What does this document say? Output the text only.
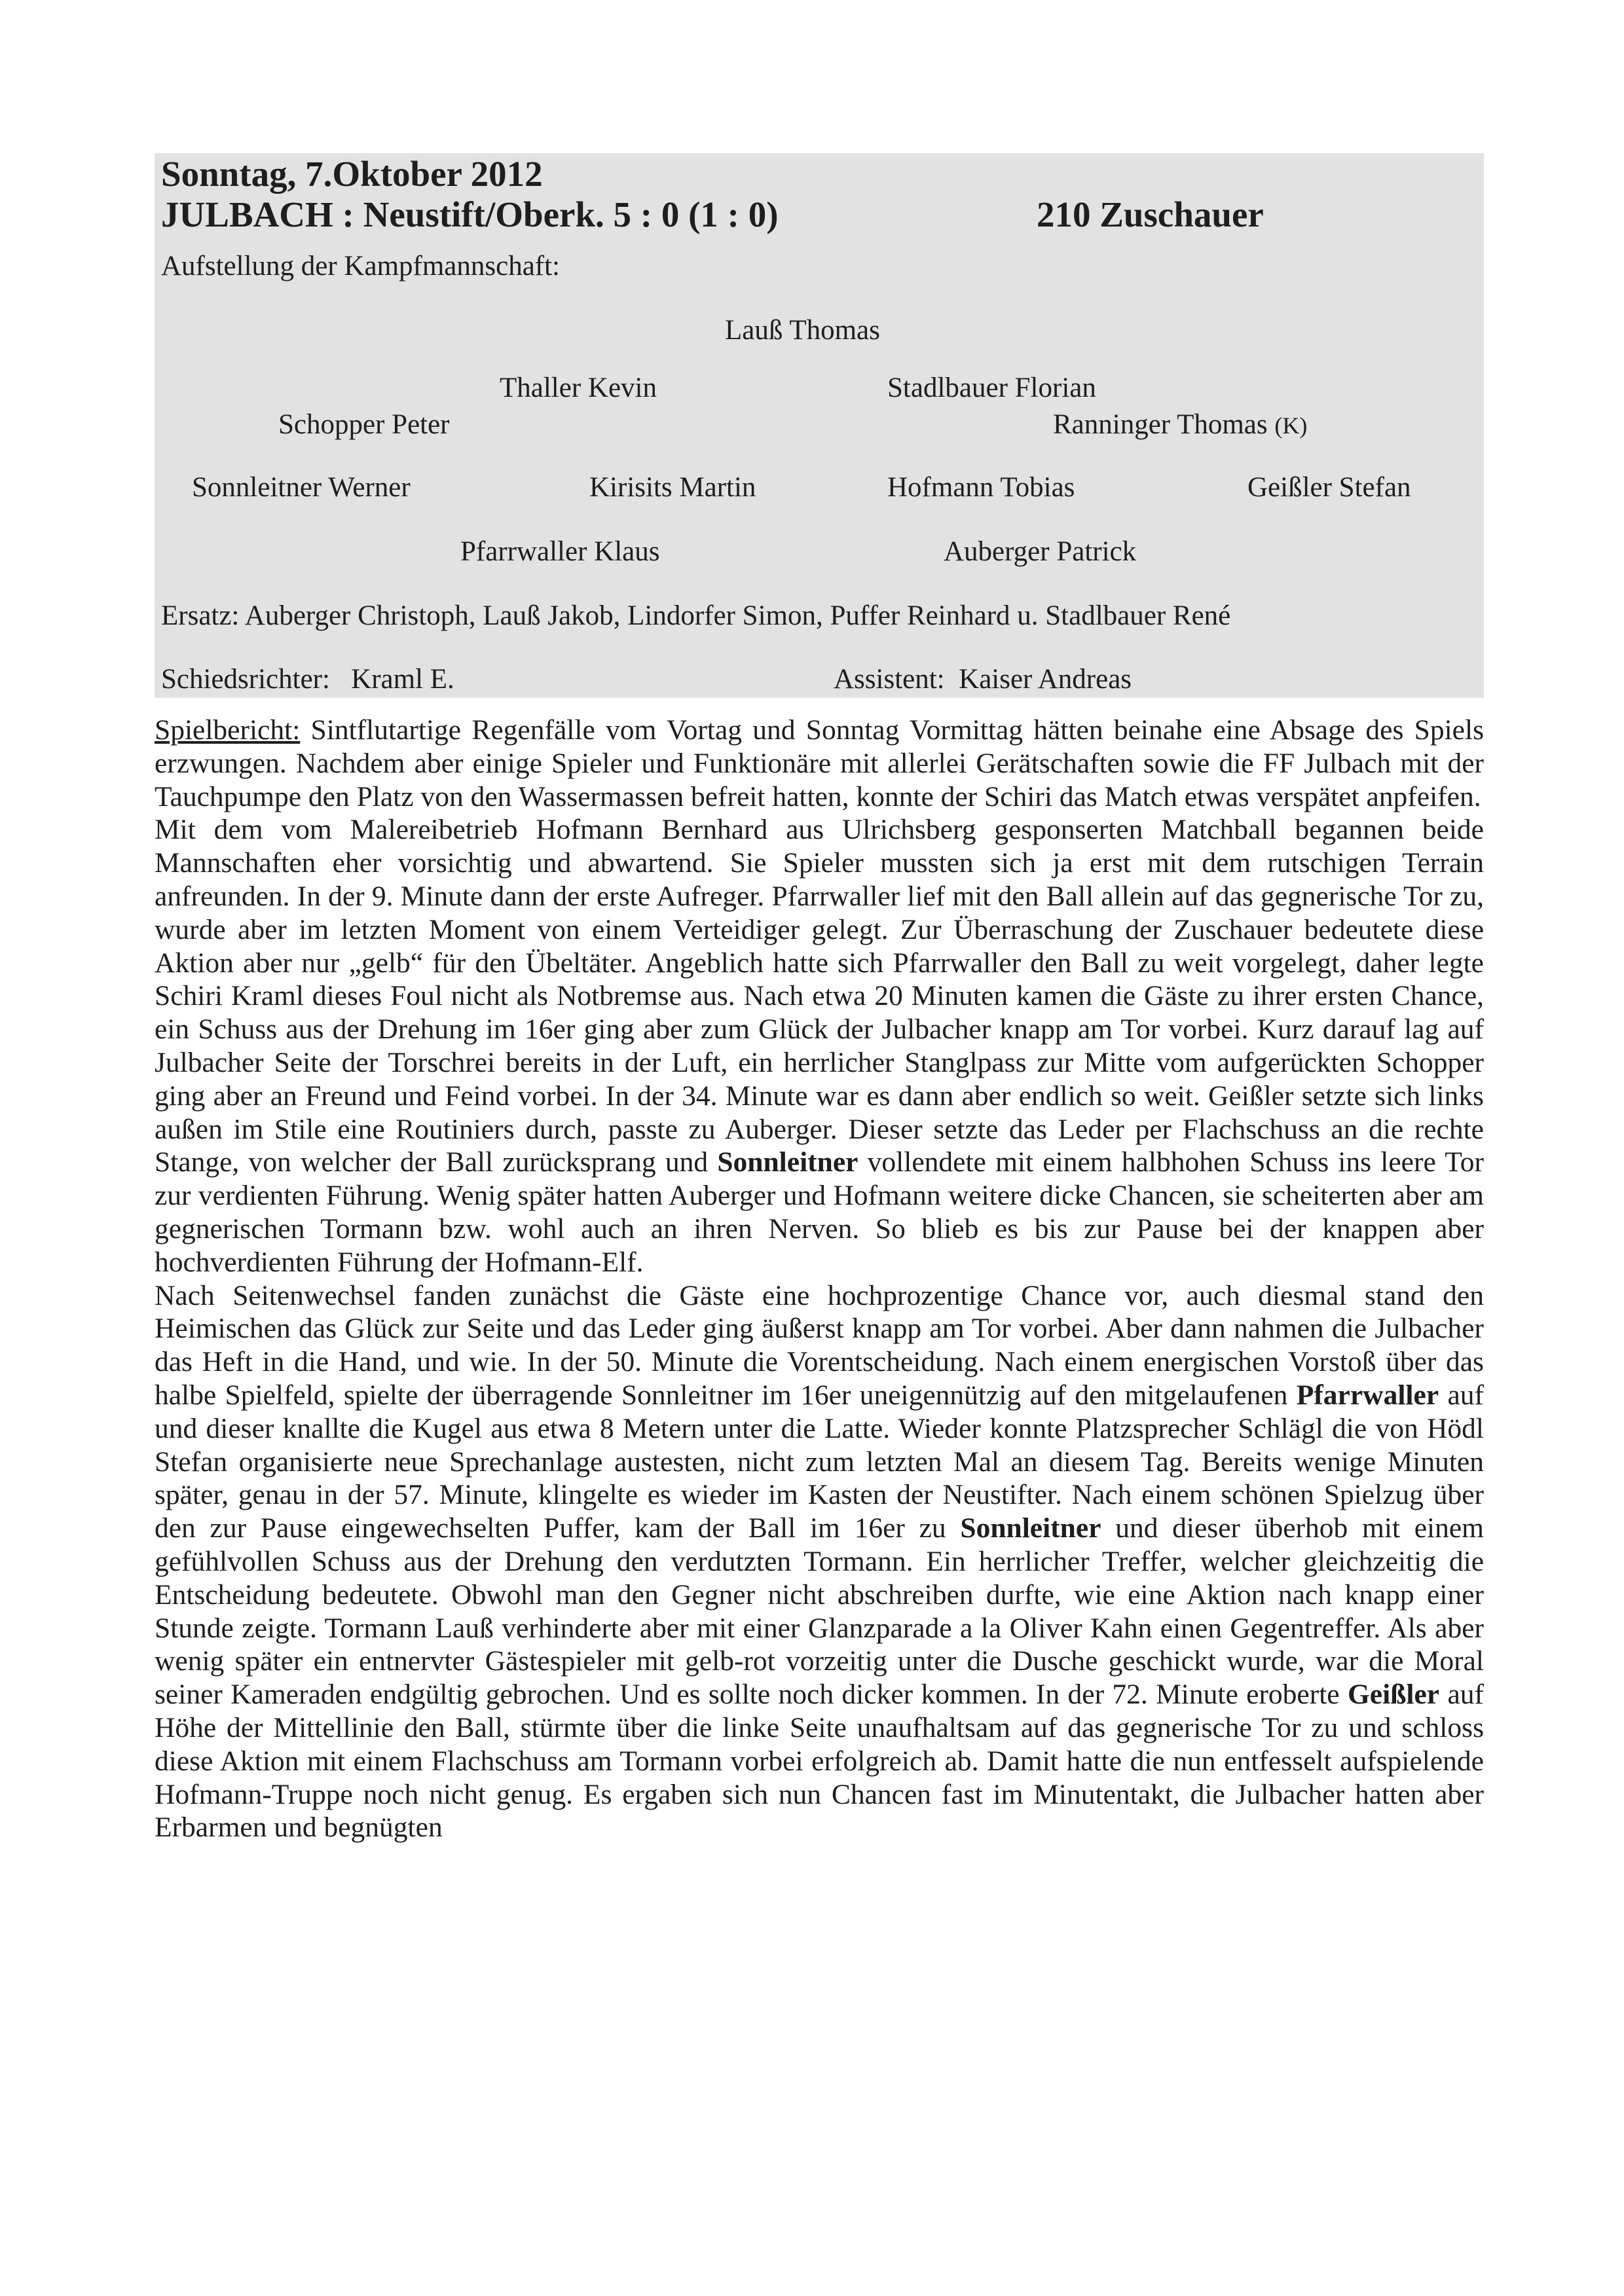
Sonntag, 7.Oktober 2012
JULBACH : Neustift/Oberk. 5 : 0 (1 : 0)	210 Zuschauer
Aufstellung der Kampfmannschaft:
Lauß Thomas
Thaller Kevin	Stadlbauer Florian
Schopper Peter	Ranninger Thomas (K)
Sonnleitner Werner	Kirisits Martin	Hofmann Tobias	Geißler Stefan
Pfarrwaller Klaus	Auberger Patrick
Ersatz: Auberger Christoph, Lauß Jakob, Lindorfer Simon, Puffer Reinhard u. Stadlbauer René
Schiedsrichter: Kraml E.	Assistent: Kaiser Andreas

Spielbericht: Sintflutartige Regenfälle vom Vortag und Sonntag Vormittag hätten beinahe eine Absage des Spiels erzwungen. Nachdem aber einige Spieler und Funktionäre mit allerlei Gerätschaften sowie die FF Julbach mit der Tauchpumpe den Platz von den Wassermassen befreit hatten, konnte der Schiri das Match etwas verspätet anpfeifen.

Mit dem vom Malereibetrieb Hofmann Bernhard aus Ulrichsberg gesponserten Matchball begannen beide Mannschaften eher vorsichtig und abwartend. Sie Spieler mussten sich ja erst mit dem rutschigen Terrain anfreunden. In der 9. Minute dann der erste Aufreger. Pfarrwaller lief mit den Ball allein auf das gegnerische Tor zu, wurde aber im letzten Moment von einem Verteidiger gelegt. Zur Überraschung der Zuschauer bedeutete diese Aktion aber nur „gelb“ für den Übeltäter. Angeblich hatte sich Pfarrwaller den Ball zu weit vorgelegt, daher legte Schiri Kraml dieses Foul nicht als Notbremse aus. Nach etwa 20 Minuten kamen die Gäste zu ihrer ersten Chance, ein Schuss aus der Drehung im 16er ging aber zum Glück der Julbacher knapp am Tor vorbei. Kurz darauf lag auf Julbacher Seite der Torschrei bereits in der Luft, ein herrlicher Stanglpass zur Mitte vom aufgerückten Schopper ging aber an Freund und Feind vorbei. In der 34. Minute war es dann aber endlich so weit. Geißler setzte sich links außen im Stile eine Routiniers durch, passte zu Auberger. Dieser setzte das Leder per Flachschuss an die rechte Stange, von welcher der Ball zurücksprang und Sonnleitner vollendete mit einem halbhohen Schuss ins leere Tor zur verdienten Führung. Wenig später hatten Auberger und Hofmann weitere dicke Chancen, sie scheiterten aber am gegnerischen Tormann bzw. wohl auch an ihren Nerven. So blieb es bis zur Pause bei der knappen aber hochverdienten Führung der Hofmann-Elf.

Nach Seitenwechsel fanden zunächst die Gäste eine hochprozentige Chance vor, auch diesmal stand den Heimischen das Glück zur Seite und das Leder ging äußerst knapp am Tor vorbei. Aber dann nahmen die Julbacher das Heft in die Hand, und wie. In der 50. Minute die Vorentscheidung. Nach einem energischen Vorstoß über das halbe Spielfeld, spielte der überragende Sonnleitner im 16er uneigennützig auf den mitgelaufenen Pfarrwaller auf und dieser knallte die Kugel aus etwa 8 Metern unter die Latte. Wieder konnte Platzsprecher Schlägl die von Hödl Stefan organisierte neue Sprechanlage austesten, nicht zum letzten Mal an diesem Tag. Bereits wenige Minuten später, genau in der 57. Minute, klingelte es wieder im Kasten der Neustifter. Nach einem schönen Spielzug über den zur Pause eingewechselten Puffer, kam der Ball im 16er zu Sonnleitner und dieser überhob mit einem gefühlvollen Schuss aus der Drehung den verdutzten Tormann. Ein herrlicher Treffer, welcher gleichzeitig die Entscheidung bedeutete. Obwohl man den Gegner nicht abschreiben durfte, wie eine Aktion nach knapp einer Stunde zeigte. Tormann Lauß verhinderte aber mit einer Glanzparade a la Oliver Kahn einen Gegentreffer. Als aber wenig später ein entnervter Gästespieler mit gelb-rot vorzeitig unter die Dusche geschickt wurde, war die Moral seiner Kameraden endgültig gebrochen. Und es sollte noch dicker kommen. In der 72. Minute eroberte Geißler auf Höhe der Mittellinie den Ball, stürmte über die linke Seite unaufhaltsam auf das gegnerische Tor zu und schloss diese Aktion mit einem Flachschuss am Tormann vorbei erfolgreich ab. Damit hatte die nun entfesselt aufspielende Hofmann-Truppe noch nicht genug. Es ergaben sich nun Chancen fast im Minutentakt, die Julbacher hatten aber Erbarmen und begnügten
